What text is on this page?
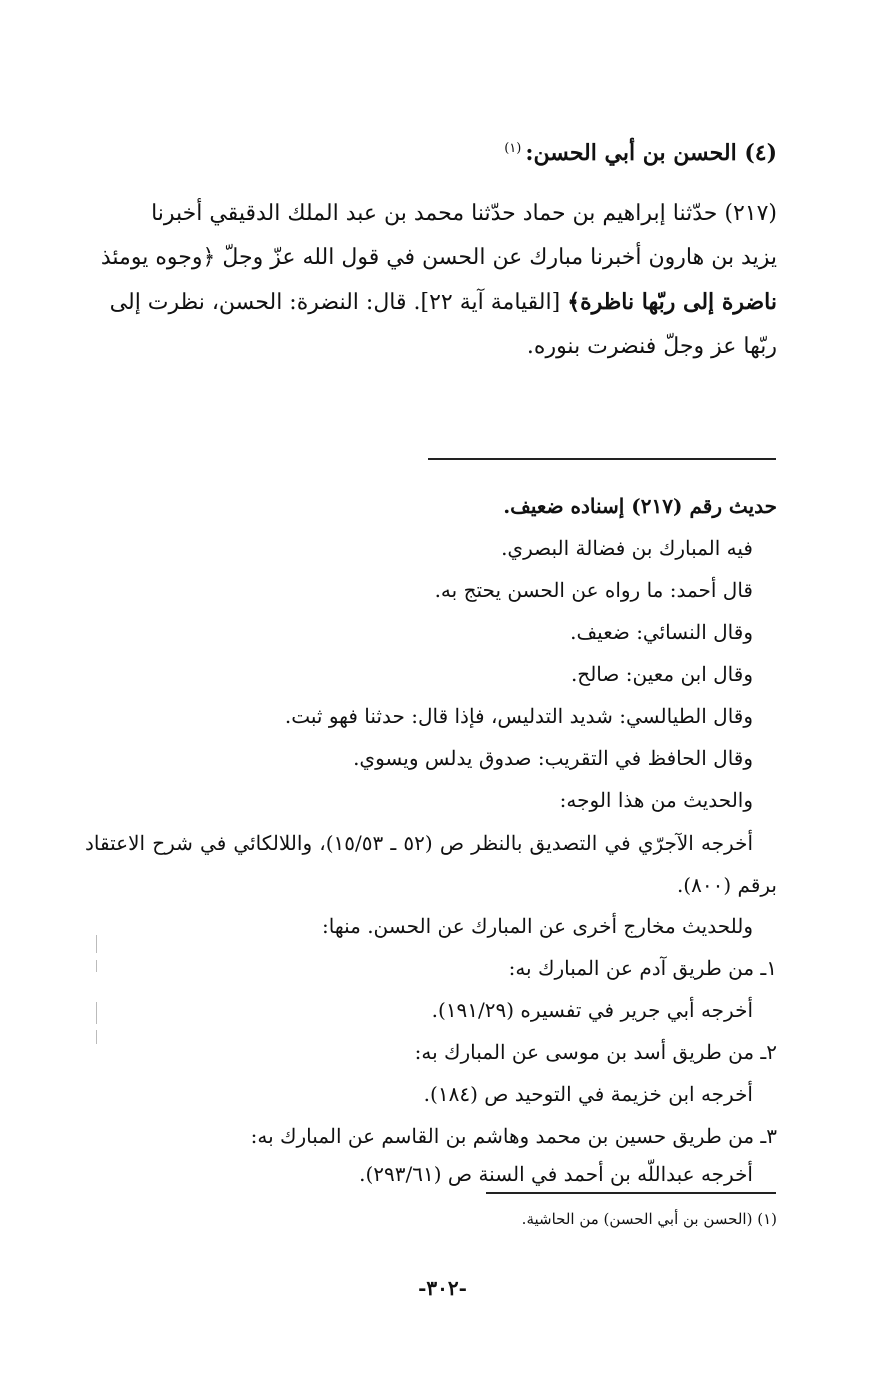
(٤) الحسن بن أبي الحسن:$^{(١)}$
(٢١٧) حدّثنا إبراهيم بن حماد حدّثنا محمد بن عبد الملك الدقيقي أخبرنا
يزيد بن هارون أخبرنا مبارك عن الحسن في قول الله عزّ وجلّ ﴿وجوه يومئذ
ناضرة إلى ربّها ناظرة﴾ [القيامة آية ٢٢]. قال: النضرة: الحسن، نظرت إلى
ربّها عز وجلّ فنضرت بنوره.
حديث رقم (٢١٧) إسناده ضعيف.
فيه المبارك بن فضالة البصري.
قال أحمد: ما رواه عن الحسن يحتج به.
وقال النسائي: ضعيف.
وقال ابن معين: صالح.
وقال الطيالسي: شديد التدليس، فإذا قال: حدثنا فهو ثبت.
وقال الحافظ في التقريب: صدوق يدلس ويسوي.
والحديث من هذا الوجه:
أخرجه الآجرّي في التصديق بالنظر ص (٥٢ ـ ١٥/٥٣)، واللالكائي في شرح الاعتقاد برقم (٨٠٠).
وللحديث مخارج أخرى عن المبارك عن الحسن. منها:
١ـ من طريق آدم عن المبارك به:
أخرجه أبي جرير في تفسيره (١٩١/٢٩).
٢ـ من طريق أسد بن موسى عن المبارك به:
أخرجه ابن خزيمة في التوحيد ص (١٨٤).
٣ـ من طريق حسين بن محمد وهاشم بن القاسم عن المبارك به:
أخرجه عبداللّه بن أحمد في السنة ص (٢٩٣/٦١).
(١) (الحسن بن أبي الحسن) من الحاشية.
-٣٠٢-
